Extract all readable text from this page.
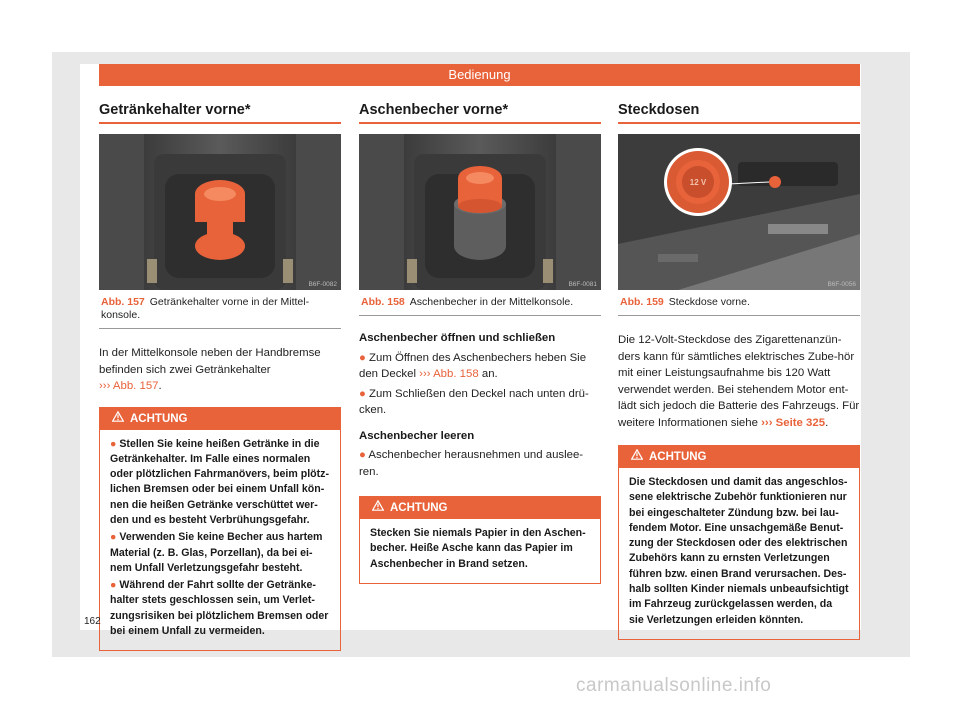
Bedienung
Getränkehalter vorne*
B6F-0082
Abb. 157 Getränkehalter vorne in der Mittel-konsole.
In der Mittelkonsole neben der Handbremse befinden sich zwei Getränkehalter
››› Abb. 157.
ACHTUNG

● Stellen Sie keine heißen Getränke in die Getränkehalter. Im Falle eines normalen oder plötzlichen Fahrmanövers, beim plötz-lichen Bremsen oder bei einem Unfall kön-nen die heißen Getränke verschüttet wer-den und es besteht Verbrühungsgefahr.

● Verwenden Sie keine Becher aus hartem Material (z. B. Glas, Porzellan), da bei ei-nem Unfall Verletzungsgefahr besteht.

● Während der Fahrt sollte der Getränke-halter stets geschlossen sein, um Verlet-zungsrisiken bei plötzlichem Bremsen oder bei einem Unfall zu vermeiden.

Aschenbecher vorne*
B6F-0081
Abb. 158 Aschenbecher in der Mittelkonsole.

Aschenbecher öffnen und schließen

● Zum Öffnen des Aschenbechers heben Sie den Deckel ››› Abb. 158 an.

● Zum Schließen den Deckel nach unten drü-cken.

Aschenbecher leeren

● Aschenbecher herausnehmen und auslee-ren.

ACHTUNG

Stecken Sie niemals Papier in den Aschen-becher. Heiße Asche kann das Papier im Aschenbecher in Brand setzen.

Steckdosen
12 V
B6F-0056
Abb. 159 Steckdose vorne.
Die 12-Volt-Steckdose des Zigarettenanzün-ders kann für sämtliches elektrisches Zube-hör mit einer Leistungsaufnahme bis 120 Watt verwendet werden. Bei stehendem Motor ent-lädt sich jedoch die Batterie des Fahrzeugs. Für weitere Informationen siehe ››› Seite 325.
ACHTUNG

Die Steckdosen und damit das angeschlos-sene elektrische Zubehör funktionieren nur bei eingeschalteter Zündung bzw. bei lau-fendem Motor. Eine unsachgemäße Benut-zung der Steckdosen oder des elektrischen Zubehörs kann zu ernsten Verletzungen führen bzw. einen Brand verursachen. Des-halb sollten Kinder niemals unbeaufsichtigt im Fahrzeug zurückgelassen werden, da sie Verletzungen erleiden könnten.

162
carmanualsonline.info
